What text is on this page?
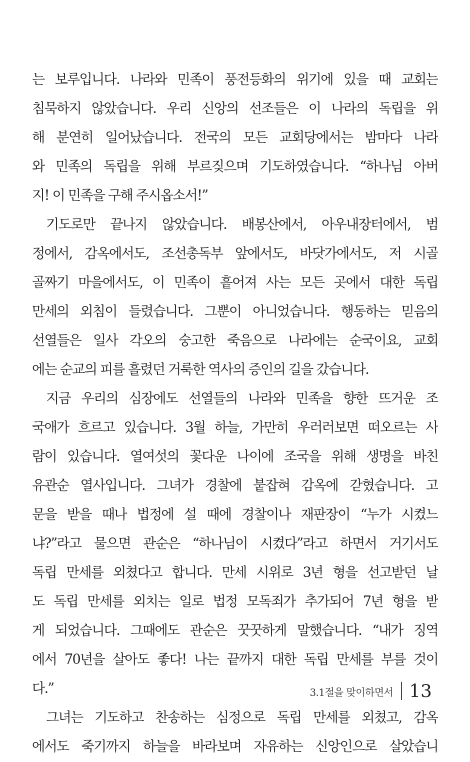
는 보루입니다. 나라와 민족이 풍전등화의 위기에 있을 때 교회는
침묵하지 않았습니다. 우리 신앙의 선조들은 이 나라의 독립을 위
해 분연히 일어났습니다. 전국의 모든 교회당에서는 밤마다 나라
와 민족의 독립을 위해 부르짖으며 기도하였습니다. “하나님 아버
지! 이 민족을 구해 주시옵소서!”

기도로만 끝나지 않았습니다. 배봉산에서, 아우내장터에서, 범
정에서, 감옥에서도, 조선총독부 앞에서도, 바닷가에서도, 저 시골
골짜기 마을에서도, 이 민족이 흩어져 사는 모든 곳에서 대한 독립
만세의 외침이 들렸습니다. 그뿐이 아니었습니다. 행동하는 믿음의
선열들은 일사 각오의 숭고한 죽음으로 나라에는 순국이요, 교회
에는 순교의 피를 흘렸던 거룩한 역사의 증인의 길을 갔습니다.

지금 우리의 심장에도 선열들의 나라와 민족을 향한 뜨거운 조
국애가 흐르고 있습니다. 3월 하늘, 가만히 우러러보면 떠오르는 사
람이 있습니다. 열여섯의 꽃다운 나이에 조국을 위해 생명을 바친
유관순 열사입니다. 그녀가 경찰에 붙잡혀 감옥에 갇혔습니다. 고
문을 받을 때나 법정에 설 때에 경찰이나 재판장이 “누가 시켰느
냐?”라고 물으면 관순은 “하나님이 시켰다”라고 하면서 거기서도
독립 만세를 외쳤다고 합니다. 만세 시위로 3년 형을 선고받던 날
도 독립 만세를 외치는 일로 법정 모독죄가 추가되어 7년 형을 받
게 되었습니다. 그때에도 관순은 꿋꿋하게 말했습니다. “내가 징역
에서 70년을 살아도 좋다! 나는 끝까지 대한 독립 만세를 부를 것이
다.”

그녀는 기도하고 찬송하는 심정으로 독립 만세를 외쳤고, 감옥
에서도 죽기까지 하늘을 바라보며 자유하는 신앙인으로 살았습니

3.1절을 맞이하면서 13
